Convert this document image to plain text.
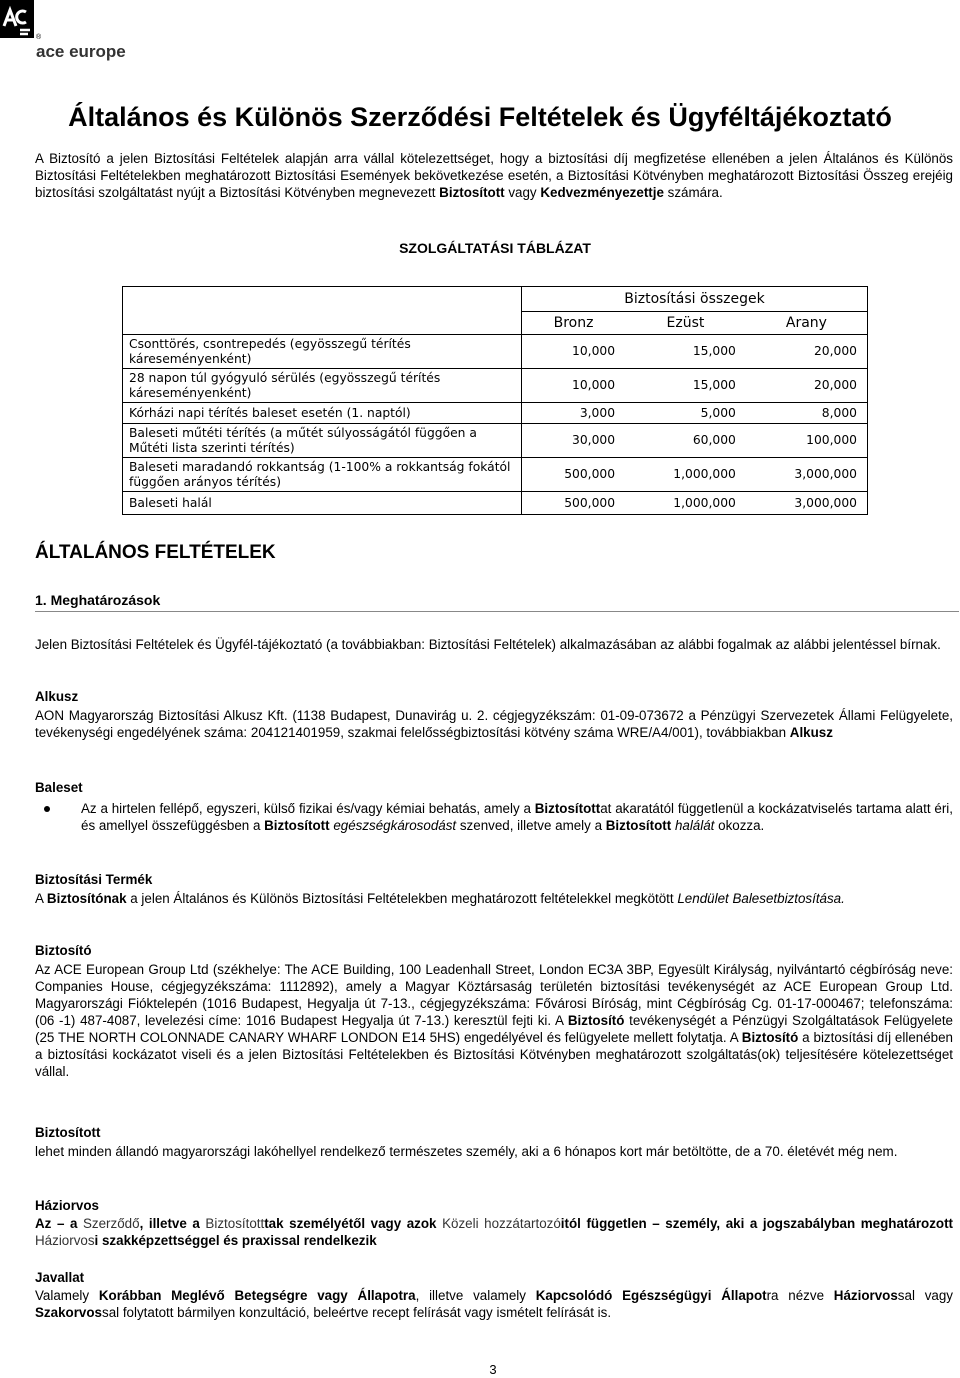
®
ace europe
Általános és Különös Szerződési Feltételek és Ügyféltájékoztató

A Biztosító a jelen Biztosítási Feltételek alapján arra vállal kötelezettséget, hogy a biztosítási díj megfizetése ellenében a jelen Általános és Különös Biztosítási Feltételekben meghatározott Biztosítási Események bekövetkezése esetén, a Biztosítási Kötvényben meghatározott Biztosítási Összeg erejéig biztosítási szolgáltatást nyújt a Biztosítási Kötvényben megnevezett Biztosított vagy Kedvezményezettje számára.

SZOLGÁLTATÁSI TÁBLÁZAT
	Biztosítási összegek		
	Bronz	Ezüst	Arany
Csonttörés, csontrepedés (egyösszegű térítés káreseményenként)	10,000	15,000	20,000
28 napon túl gyógyuló sérülés (egyösszegű térítés káreseményenként)	10,000	15,000	20,000
Kórházi napi térítés baleset esetén (1. naptól)	3,000	5,000	8,000
Baleseti műtéti térítés (a műtét súlyosságától függően a Műtéti lista szerinti térítés)	30,000	60,000	100,000
Baleseti maradandó rokkantság (1-100% a rokkantság fokától függően arányos térítés)	500,000	1,000,000	3,000,000
Baleseti halál	500,000	1,000,000	3,000,000
ÁLTALÁNOS FELTÉTELEK
1. Meghatározások

Jelen Biztosítási Feltételek és Ügyfél-tájékoztató (a továbbiakban: Biztosítási Feltételek) alkalmazásában az alábbi fogalmak az alábbi jelentéssel bírnak.

Alkusz

AON Magyarország Biztosítási Alkusz Kft. (1138 Budapest, Dunavirág u. 2. cégjegyzékszám: 01-09-073672 a Pénzügyi Szervezetek Állami Felügyelete, tevékenységi engedélyének száma: 204121401959, szakmai felelősségbiztosítási kötvény száma WRE/A4/001), továbbiakban Alkusz

Baleset

Az a hirtelen fellépő, egyszeri, külső fizikai és/vagy kémiai behatás, amely a Biztosítottat akaratától függetlenül a kockázatviselés tartama alatt éri, és amellyel összefüggésben a Biztosított egészségkárosodást szenved, illetve amely a Biztosított halálát okozza.

Biztosítási Termék

A Biztosítónak a jelen Általános és Különös Biztosítási Feltételekben meghatározott feltételekkel megkötött Lendület Balesetbiztosítása.

Biztosító

Az ACE European Group Ltd (székhelye: The ACE Building, 100 Leadenhall Street, London EC3A 3BP, Egyesült Királyság, nyilvántartó cégbíróság neve: Companies House, cégjegyzékszáma: 1112892), amely a Magyar Köztársaság területén biztosítási tevékenységét az ACE European Group Ltd. Magyarországi Fióktelepén (1016 Budapest, Hegyalja út 7-13., cégjegyzékszáma: Fővárosi Bíróság, mint Cégbíróság Cg. 01-17-000467; telefonszáma: (06 -1) 487-4087, levelezési címe: 1016 Budapest Hegyalja út 7-13.) keresztül fejti ki. A Biztosító tevékenységét a Pénzügyi Szolgáltatások Felügyelete (25 THE NORTH COLONNADE CANARY WHARF LONDON E14 5HS) engedélyével és felügyelete mellett folytatja. A Biztosító a biztosítási díj ellenében a biztosítási kockázatot viseli és a jelen Biztosítási Feltételekben és Biztosítási Kötvényben meghatározott szolgáltatás(ok) teljesítésére kötelezettséget vállal.

Biztosított

lehet minden állandó magyarországi lakóhellyel rendelkező természetes személy, aki a 6 hónapos kort már betöltötte, de a 70. életévét még nem.

Háziorvos

Az – a Szerződő, illetve a Biztosítotttak személyétől vagy azok Közeli hozzátartozóitól független – személy, aki a jogszabályban meghatározott Háziorvosi szakképzettséggel és praxissal rendelkezik

Javallat

Valamely Korábban Meglévő Betegségre vagy Állapotra, illetve valamely Kapcsolódó Egészségügyi Állapotra nézve Háziorvossal vagy Szakorvossal folytatott bármilyen konzultáció, beleértve recept felírását vagy ismételt felírását is.

3
